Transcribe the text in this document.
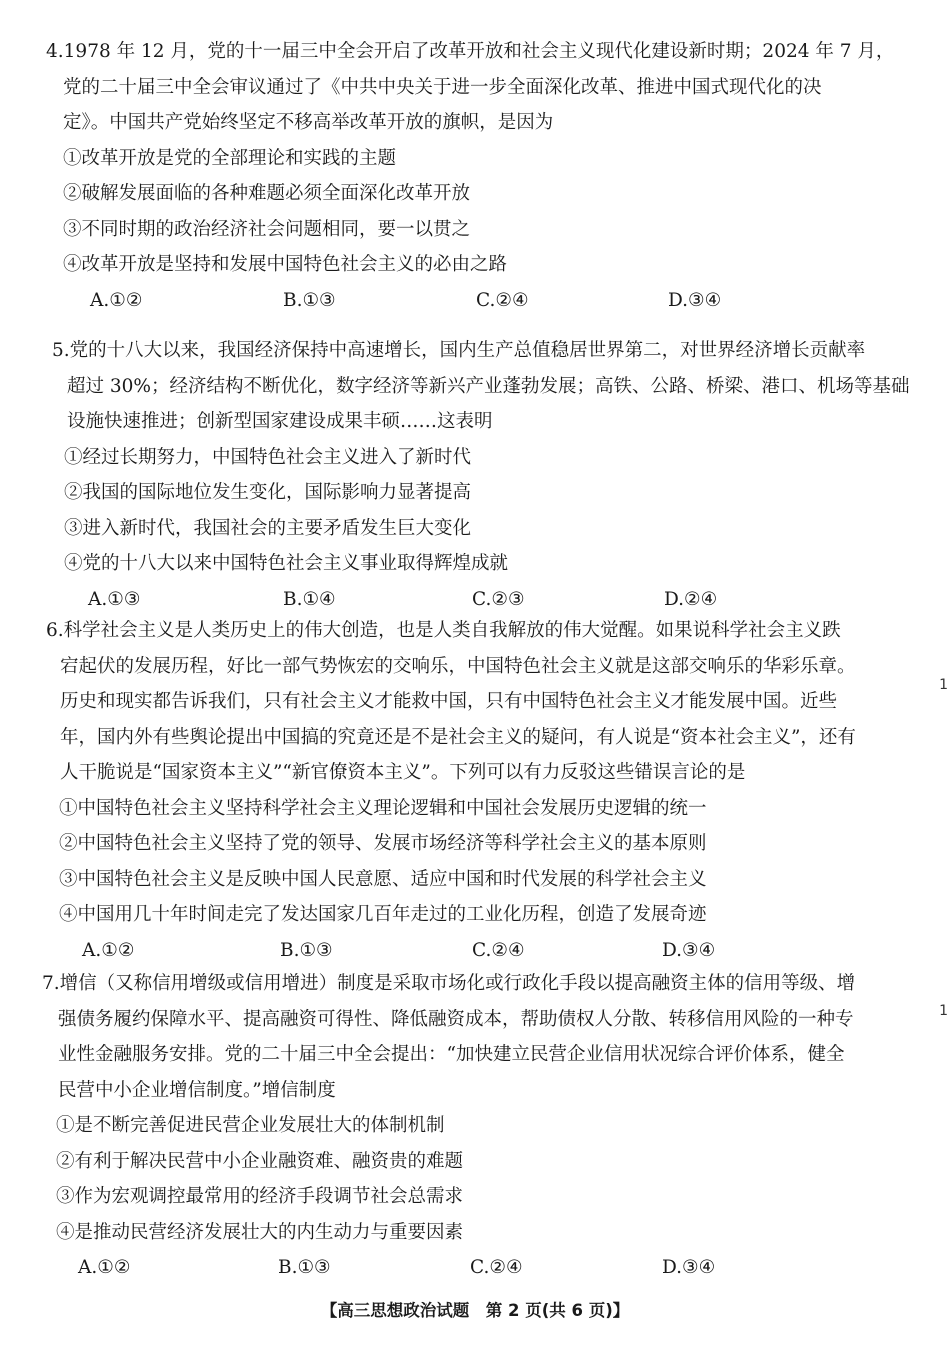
4.1978 年 12 月，党的十一届三中全会开启了改革开放和社会主义现代化建设新时期；2024 年 7 月，
党的二十届三中全会审议通过了《中共中央关于进一步全面深化改革、推进中国式现代化的决
定》。中国共产党始终坚定不移高举改革开放的旗帜，是因为
①改革开放是党的全部理论和实践的主题
②破解发展面临的各种难题必须全面深化改革开放
③不同时期的政治经济社会问题相同，要一以贯之
④改革开放是坚持和发展中国特色社会主义的必由之路
A.①②	B.①③	C.②④	D.③④
5.党的十八大以来，我国经济保持中高速增长，国内生产总值稳居世界第二，对世界经济增长贡献率
超过 30%；经济结构不断优化，数字经济等新兴产业蓬勃发展；高铁、公路、桥梁、港口、机场等基础
设施快速推进；创新型国家建设成果丰硕……这表明
①经过长期努力，中国特色社会主义进入了新时代
②我国的国际地位发生变化，国际影响力显著提高
③进入新时代，我国社会的主要矛盾发生巨大变化
④党的十八大以来中国特色社会主义事业取得辉煌成就
A.①③	B.①④	C.②③	D.②④
6.科学社会主义是人类历史上的伟大创造，也是人类自我解放的伟大觉醒。如果说科学社会主义跌
宕起伏的发展历程，好比一部气势恢宏的交响乐，中国特色社会主义就是这部交响乐的华彩乐章。
历史和现实都告诉我们，只有社会主义才能救中国，只有中国特色社会主义才能发展中国。近些
年，国内外有些舆论提出中国搞的究竟还是不是社会主义的疑问，有人说是“资本社会主义”，还有
人干脆说是“国家资本主义”“新官僚资本主义”。下列可以有力反驳这些错误言论的是
①中国特色社会主义坚持科学社会主义理论逻辑和中国社会发展历史逻辑的统一
②中国特色社会主义坚持了党的领导、发展市场经济等科学社会主义的基本原则
③中国特色社会主义是反映中国人民意愿、适应中国和时代发展的科学社会主义
④中国用几十年时间走完了发达国家几百年走过的工业化历程，创造了发展奇迹
A.①②	B.①③	C.②④	D.③④
7.增信（又称信用增级或信用增进）制度是采取市场化或行政化手段以提高融资主体的信用等级、增
强债务履约保障水平、提高融资可得性、降低融资成本，帮助债权人分散、转移信用风险的一种专
业性金融服务安排。党的二十届三中全会提出：“加快建立民营企业信用状况综合评价体系，健全
民营中小企业增信制度。”增信制度
①是不断完善促进民营企业发展壮大的体制机制
②有利于解决民营中小企业融资难、融资贵的难题
③作为宏观调控最常用的经济手段调节社会总需求
④是推动民营经济发展壮大的内生动力与重要因素
A.①②	B.①③	C.②④	D.③④
1
1
【高三思想政治试题　第 2 页(共 6 页)】
